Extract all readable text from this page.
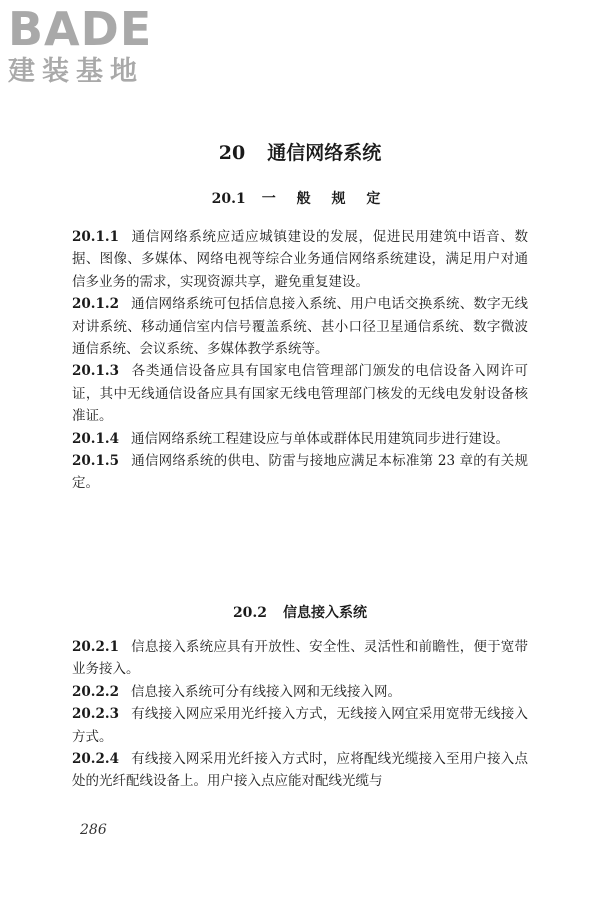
BADE
建装基地
20 通信网络系统
20.1 一 般 规 定

20.1.1 通信网络系统应适应城镇建设的发展，促进民用建筑中语音、数据、图像、多媒体、网络电视等综合业务通信网络系统建设，满足用户对通信多业务的需求，实现资源共享，避免重复建设。

20.1.2 通信网络系统可包括信息接入系统、用户电话交换系统、数字无线对讲系统、移动通信室内信号覆盖系统、甚小口径卫星通信系统、数字微波通信系统、会议系统、多媒体教学系统等。

20.1.3 各类通信设备应具有国家电信管理部门颁发的电信设备入网许可证，其中无线通信设备应具有国家无线电管理部门核发的无线电发射设备核准证。

20.1.4 通信网络系统工程建设应与单体或群体民用建筑同步进行建设。

20.1.5 通信网络系统的供电、防雷与接地应满足本标准第 23 章的有关规定。

20.2 信息接入系统

20.2.1 信息接入系统应具有开放性、安全性、灵活性和前瞻性，便于宽带业务接入。

20.2.2 信息接入系统可分有线接入网和无线接入网。

20.2.3 有线接入网应采用光纤接入方式，无线接入网宜采用宽带无线接入方式。

20.2.4 有线接入网采用光纤接入方式时，应将配线光缆接入至用户接入点处的光纤配线设备上。用户接入点应能对配线光缆与

286
